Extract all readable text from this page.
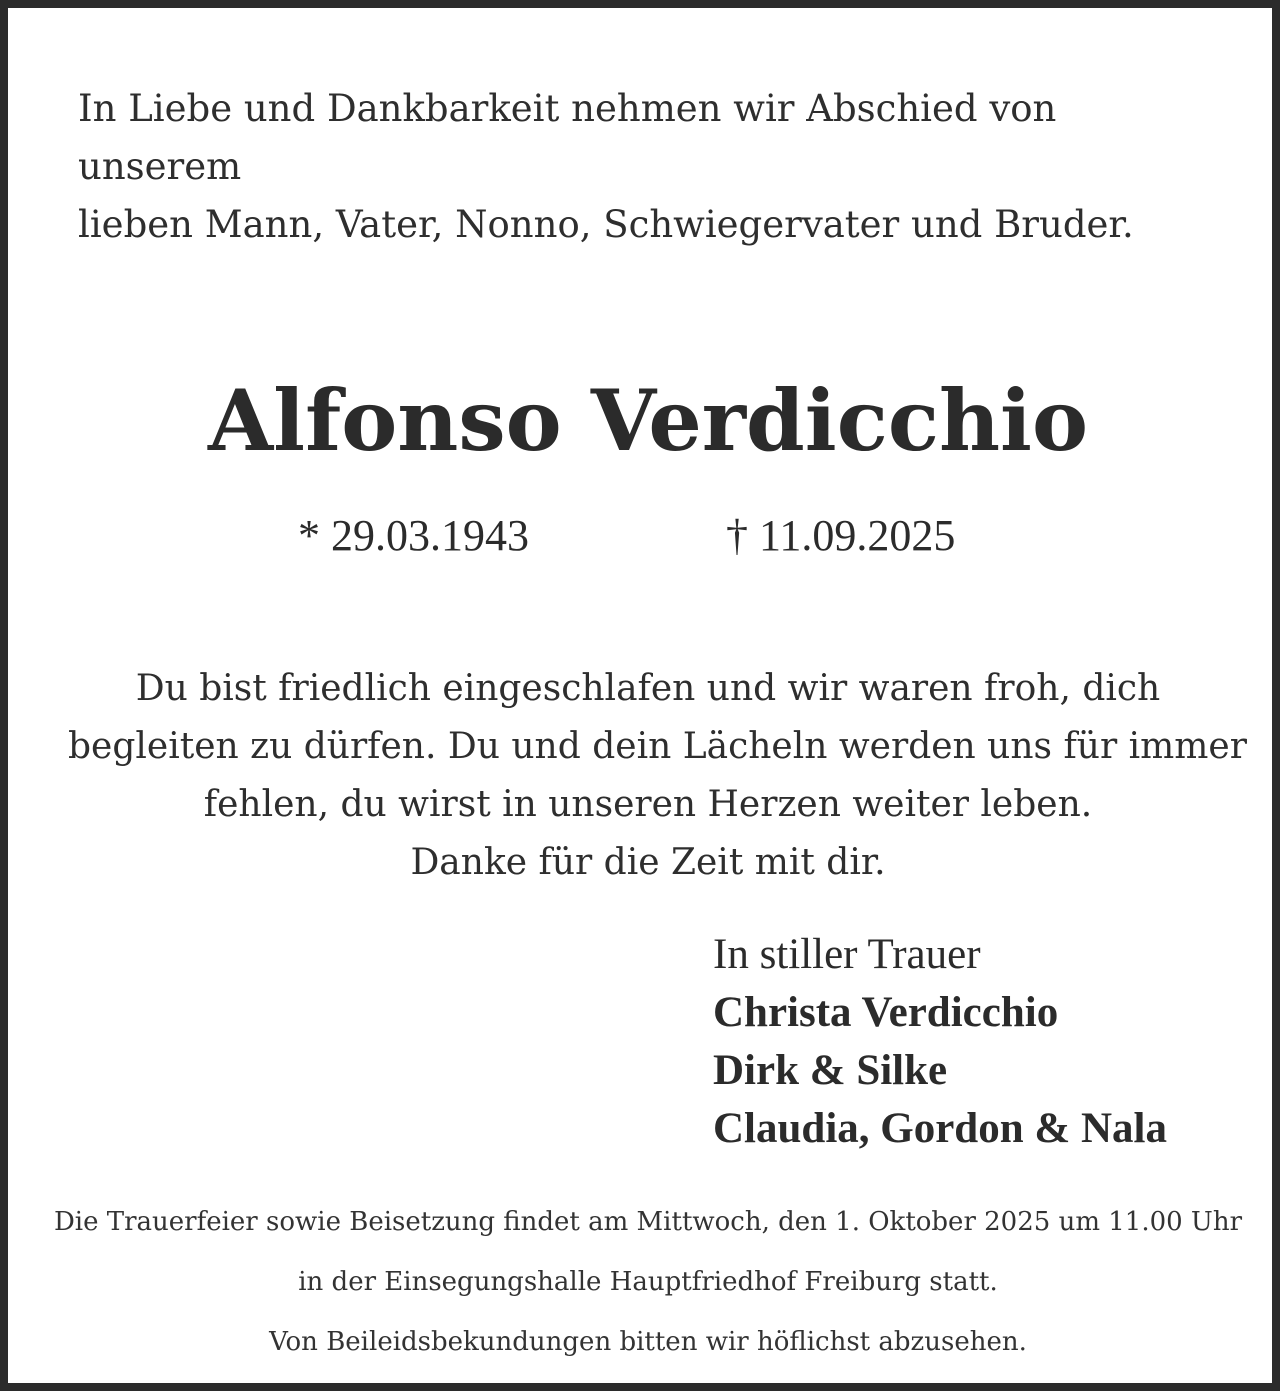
In Liebe und Dankbarkeit nehmen wir Abschied von unserem
lieben Mann, Vater, Nonno, Schwiegervater und Bruder.
Alfonso Verdicchio
* 29.03.1943	† 11.09.2025
Du bist friedlich eingeschlafen und wir waren froh, dich
begleiten zu dürfen. Du und dein Lächeln werden uns für immer
fehlen, du wirst in unseren Herzen weiter leben.
Danke für die Zeit mit dir.
In stiller Trauer
Christa Verdicchio
Dirk & Silke
Claudia, Gordon & Nala
Die Trauerfeier sowie Beisetzung findet am Mittwoch, den 1. Oktober 2025 um 11.00 Uhr
in der Einsegungshalle Hauptfriedhof Freiburg statt.
Von Beileidsbekundungen bitten wir höflichst abzusehen.
